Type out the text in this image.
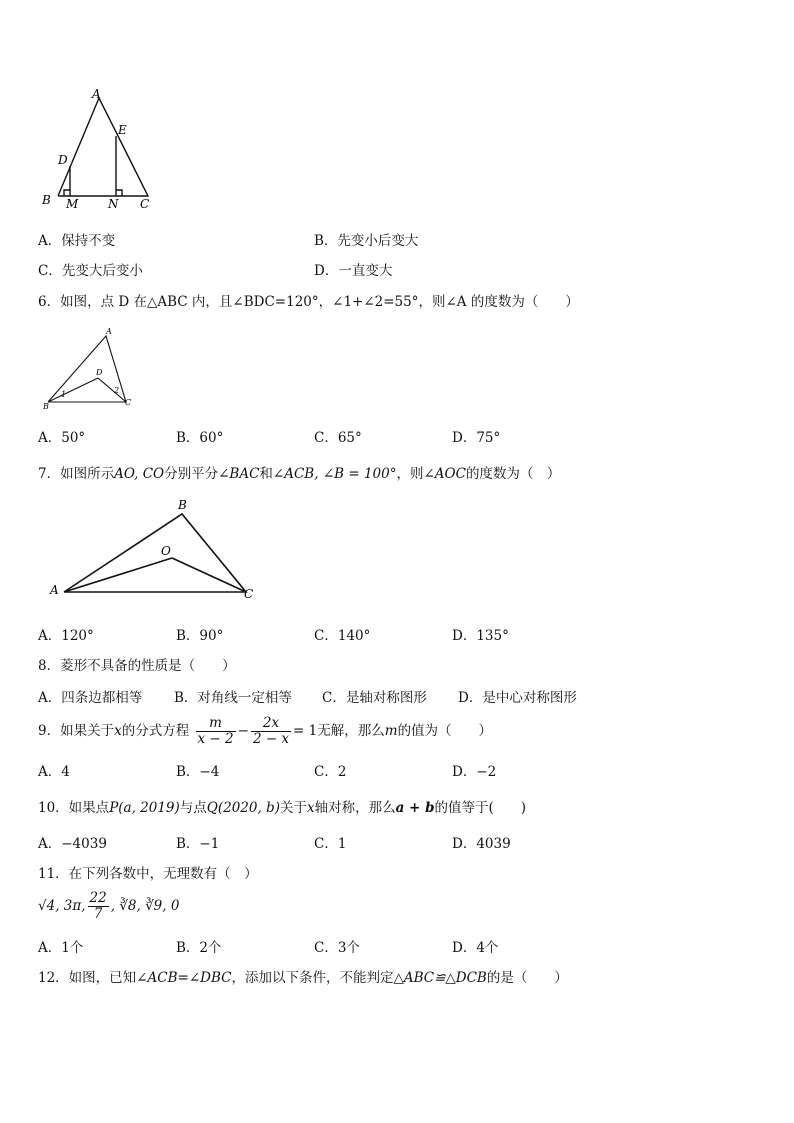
A
E
D
B M N C
A．保持不变	B．先变小后变大
C．先变大后变小	D．一直变大
6．如图，点 D 在△ABC 内，且∠BDC=120°，∠1+∠2=55°，则∠A 的度数为（　　）
A
D
B	C
1	2
A．50°	B．60°	C．65°	D．75°
7．如图所示AO, CO分别平分∠BAC和∠ACB, ∠B = 100°，则∠AOC的度数为（　）
A
B
C
O
A．120°	B．90°	C．140°	D．135°
8．菱形不具备的性质是（　　）
A．四条边都相等 B．对角线一定相等 C．是轴对称图形 D．是中心对称图形
9．如果关于x的分式方程 $\frac{m}{x - 2} - \frac{2x}{2 - x} = 1$无解，那么m的值为（　　）
A．4	B．−4	C．2	D．−2
10．如果点P(a, 2019)与点Q(2020, b)关于x轴对称，那么a + b的值等于(　　)
A．−4039	B．−1	C．1	D．4039
11．在下列各数中，无理数有（　）
√4, 3π, $\frac{22}{7}$ , ∛8, ∛9, 0
A．1个	B．2个	C．3个	D．4个
12．如图，已知∠ACB=∠DBC，添加以下条件，不能判定△ABC≌△DCB的是（　　）
